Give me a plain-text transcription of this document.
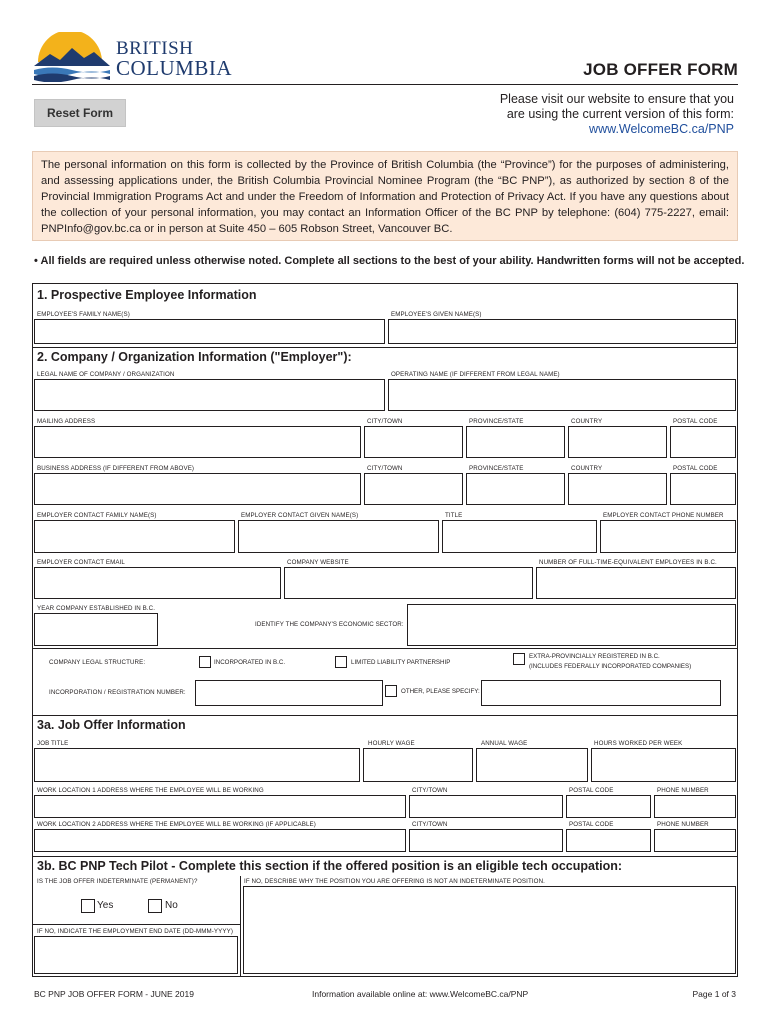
BRITISH
COLUMBIA	JOB OFFER FORM
Reset Form
Please visit our website to ensure that you
are using the current version of this form:
www.WelcomeBC.ca/PNP
The personal information on this form is collected by the Province of British Columbia (the “Province”) for the purposes of administering, and assessing applications under, the British Columbia Provincial Nominee Program (the “BC PNP”), as authorized by section 8 of the Provincial Immigration Programs Act and under the Freedom of Information and Protection of Privacy Act. If you have any questions about the collection of your personal information, you may contact an Information Officer of the BC PNP by telephone: (604) 775-2227, email: PNPInfo@gov.bc.ca or in person at Suite 450 – 605 Robson Street, Vancouver BC.
• All fields are required unless otherwise noted. Complete all sections to the best of your ability. Handwritten forms will not be accepted.
1. Prospective Employee Information
EMPLOYEE'S FAMILY NAME(S)	EMPLOYEE'S GIVEN NAME(S)
2. Company / Organization Information ("Employer"):
LEGAL NAME OF COMPANY / ORGANIZATION	OPERATING NAME (IF DIFFERENT FROM LEGAL NAME)
MAILING ADDRESS	CITY/TOWN	PROVINCE/STATE	COUNTRY	POSTAL CODE
BUSINESS ADDRESS (IF DIFFERENT FROM ABOVE)	CITY/TOWN	PROVINCE/STATE	COUNTRY	POSTAL CODE
EMPLOYER CONTACT FAMILY NAME(S)	EMPLOYER CONTACT GIVEN NAME(S)	TITLE	EMPLOYER CONTACT PHONE NUMBER
EMPLOYER CONTACT EMAIL	COMPANY WEBSITE	NUMBER OF FULL-TIME-EQUIVALENT EMPLOYEES IN B.C.
YEAR COMPANY ESTABLISHED IN B.C.
IDENTIFY THE COMPANY'S ECONOMIC SECTOR:
COMPANY LEGAL STRUCTURE:	INCORPORATED IN B.C.	LIMITED LIABILITY PARTNERSHIP
EXTRA-PROVINCIALLY REGISTERED IN B.C.
(INCLUDES FEDERALLY INCORPORATED COMPANIES)
INCORPORATION / REGISTRATION NUMBER:	OTHER, PLEASE SPECIFY:
3a. Job Offer Information
JOB TITLE	HOURLY WAGE	ANNUAL WAGE	HOURS WORKED PER WEEK
WORK LOCATION 1 ADDRESS WHERE THE EMPLOYEE WILL BE WORKING	CITY/TOWN	POSTAL CODE	PHONE NUMBER
WORK LOCATION 2 ADDRESS WHERE THE EMPLOYEE WILL BE WORKING (IF APPLICABLE)	CITY/TOWN	POSTAL CODE	PHONE NUMBER
3b. BC PNP Tech Pilot - Complete this section if the offered position is an eligible tech occupation:
IS THE JOB OFFER INDETERMINATE (PERMANENT)?	IF NO, DESCRIBE WHY THE POSITION YOU ARE OFFERING IS NOT AN INDETERMINATE POSITION.
Yes	No
IF NO, INDICATE THE EMPLOYMENT END DATE (DD-MMM-YYYY)
BC PNP JOB OFFER FORM - JUNE 2019	Information available online at: www.WelcomeBC.ca/PNP	Page 1 of 3
